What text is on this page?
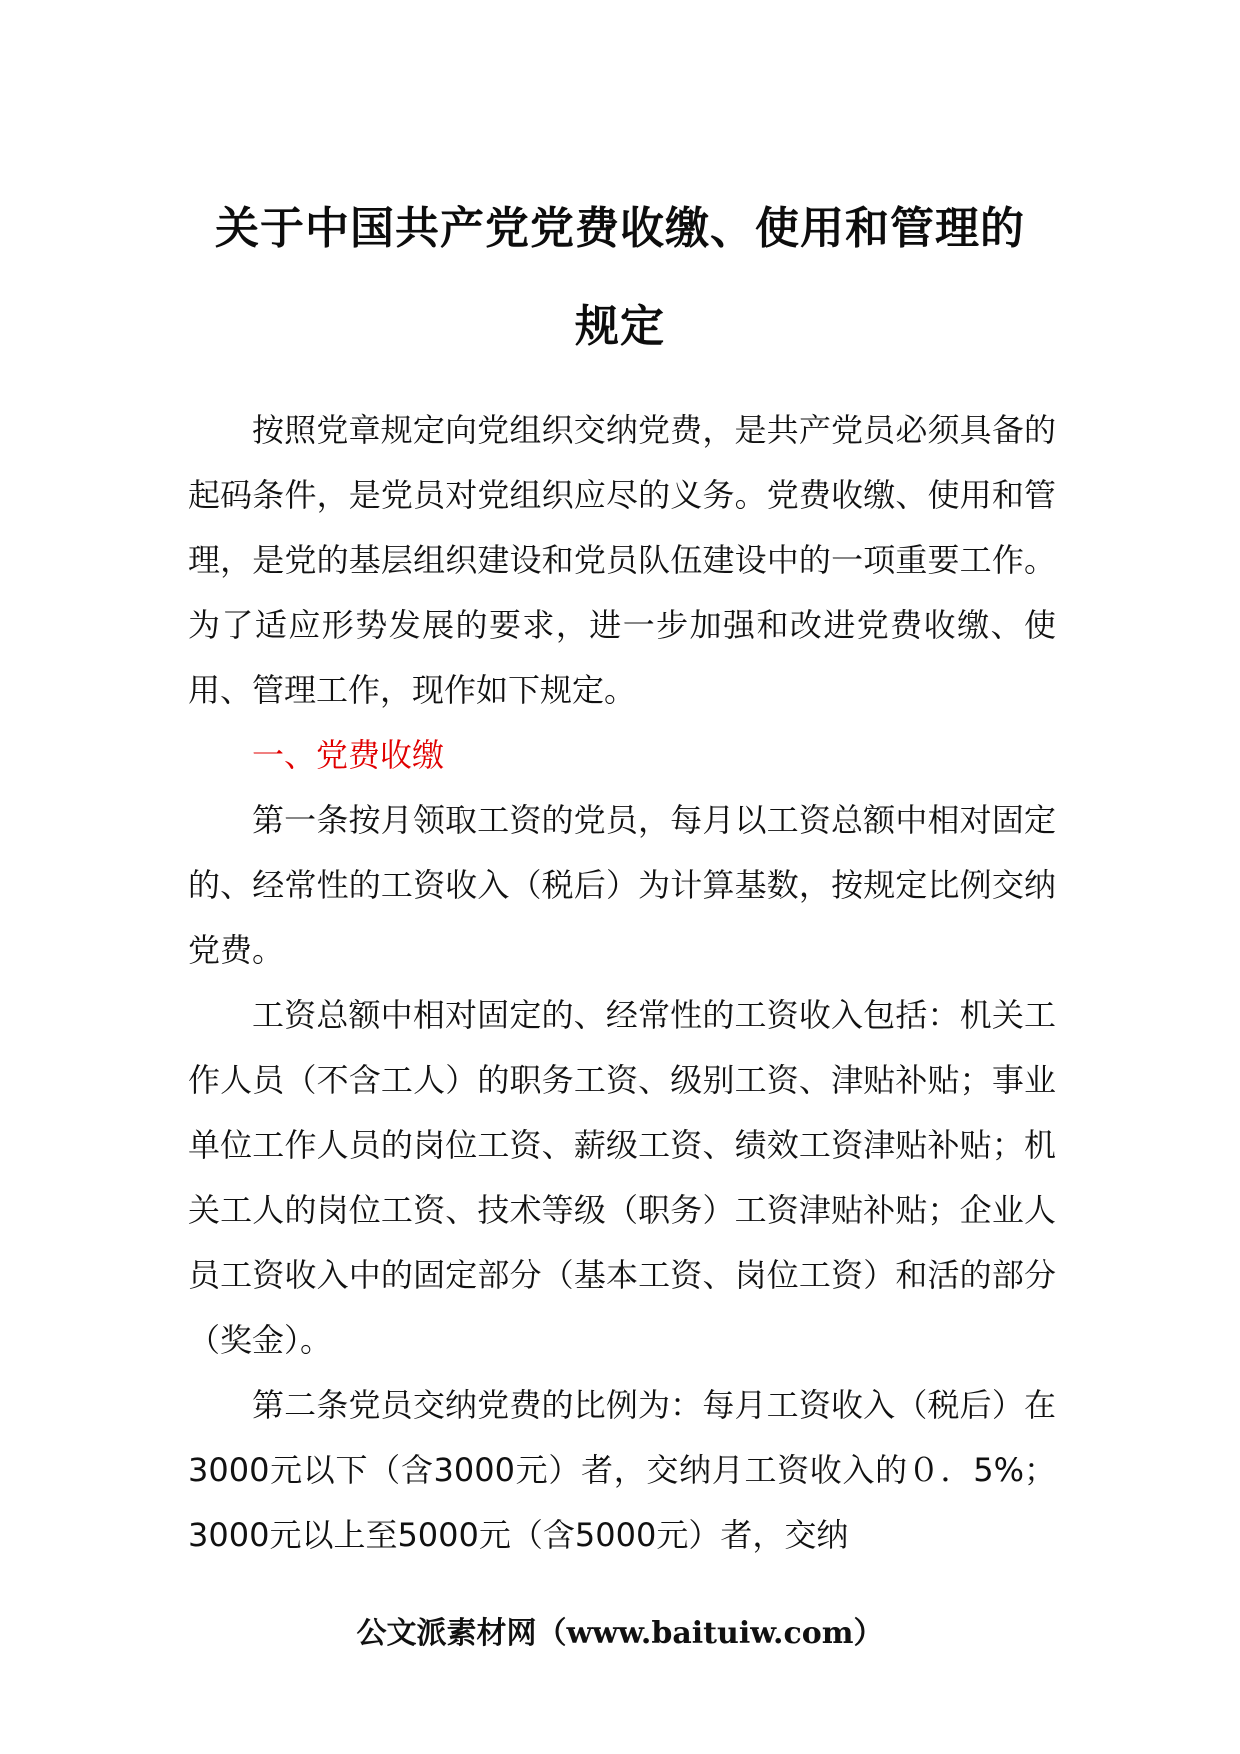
关于中国共产党党费收缴、使用和管理的
规定

按照党章规定向党组织交纳党费，是共产党员必须具备的起码条件，是党员对党组织应尽的义务。党费收缴、使用和管理，是党的基层组织建设和党员队伍建设中的一项重要工作。为了适应形势发展的要求，进一步加强和改进党费收缴、使用、管理工作，现作如下规定。

一、党费收缴

第一条按月领取工资的党员，每月以工资总额中相对固定的、经常性的工资收入（税后）为计算基数，按规定比例交纳党费。

工资总额中相对固定的、经常性的工资收入包括：机关工作人员（不含工人）的职务工资、级别工资、津贴补贴；事业单位工作人员的岗位工资、薪级工资、绩效工资津贴补贴；机关工人的岗位工资、技术等级（职务）工资津贴补贴；企业人员工资收入中的固定部分（基本工资、岗位工资）和活的部分（奖金）。

第二条党员交纳党费的比例为：每月工资收入（税后）在3000元以下（含3000元）者，交纳月工资收入的０．5%；3000元以上至5000元（含5000元）者，交纳

公文派素材网（www.baituiw.com）
